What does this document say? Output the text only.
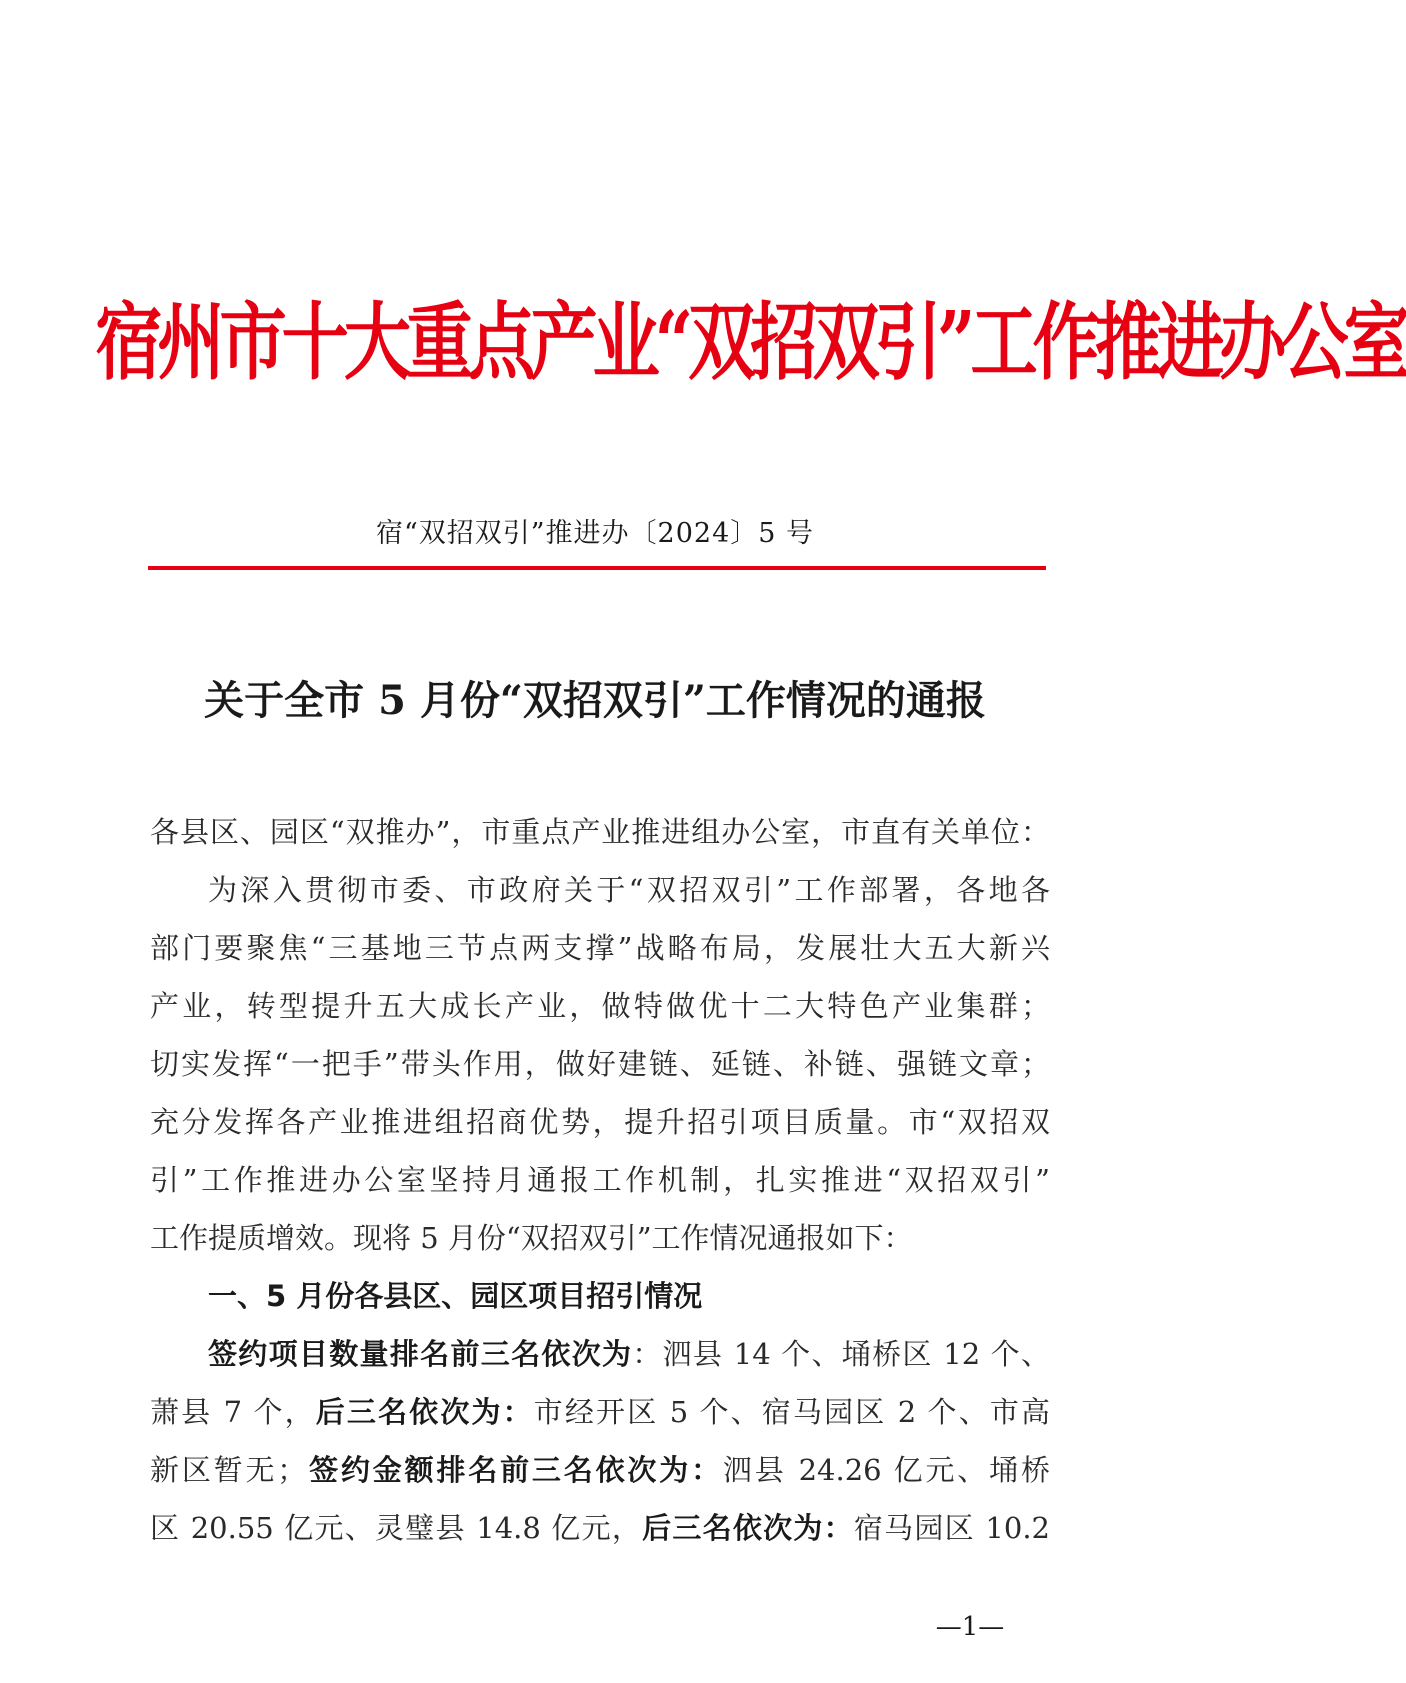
宿州市十大重点产业“双招双引”工作推进办公室
宿“双招双引”推进办〔2024〕5 号
关于全市 5 月份“双招双引”工作情况的通报
各县区、园区“双推办”，市重点产业推进组办公室，市直有关单位：
为深入贯彻市委、市政府关于“双招双引”工作部署，各地各
部门要聚焦“三基地三节点两支撑”战略布局，发展壮大五大新兴
产业，转型提升五大成长产业，做特做优十二大特色产业集群；
切实发挥“一把手”带头作用，做好建链、延链、补链、强链文章；
充分发挥各产业推进组招商优势，提升招引项目质量。市“双招双
引”工作推进办公室坚持月通报工作机制，扎实推进“双招双引”
工作提质增效。现将 5 月份“双招双引”工作情况通报如下：
一、5 月份各县区、园区项目招引情况
签约项目数量排名前三名依次为：泗县 14 个、埇桥区 12 个、
萧县 7 个，后三名依次为：市经开区 5 个、宿马园区 2 个、市高
新区暂无；签约金额排名前三名依次为：泗县 24.26 亿元、埇桥
区 20.55 亿元、灵璧县 14.8 亿元，后三名依次为：宿马园区 10.2
—1—
